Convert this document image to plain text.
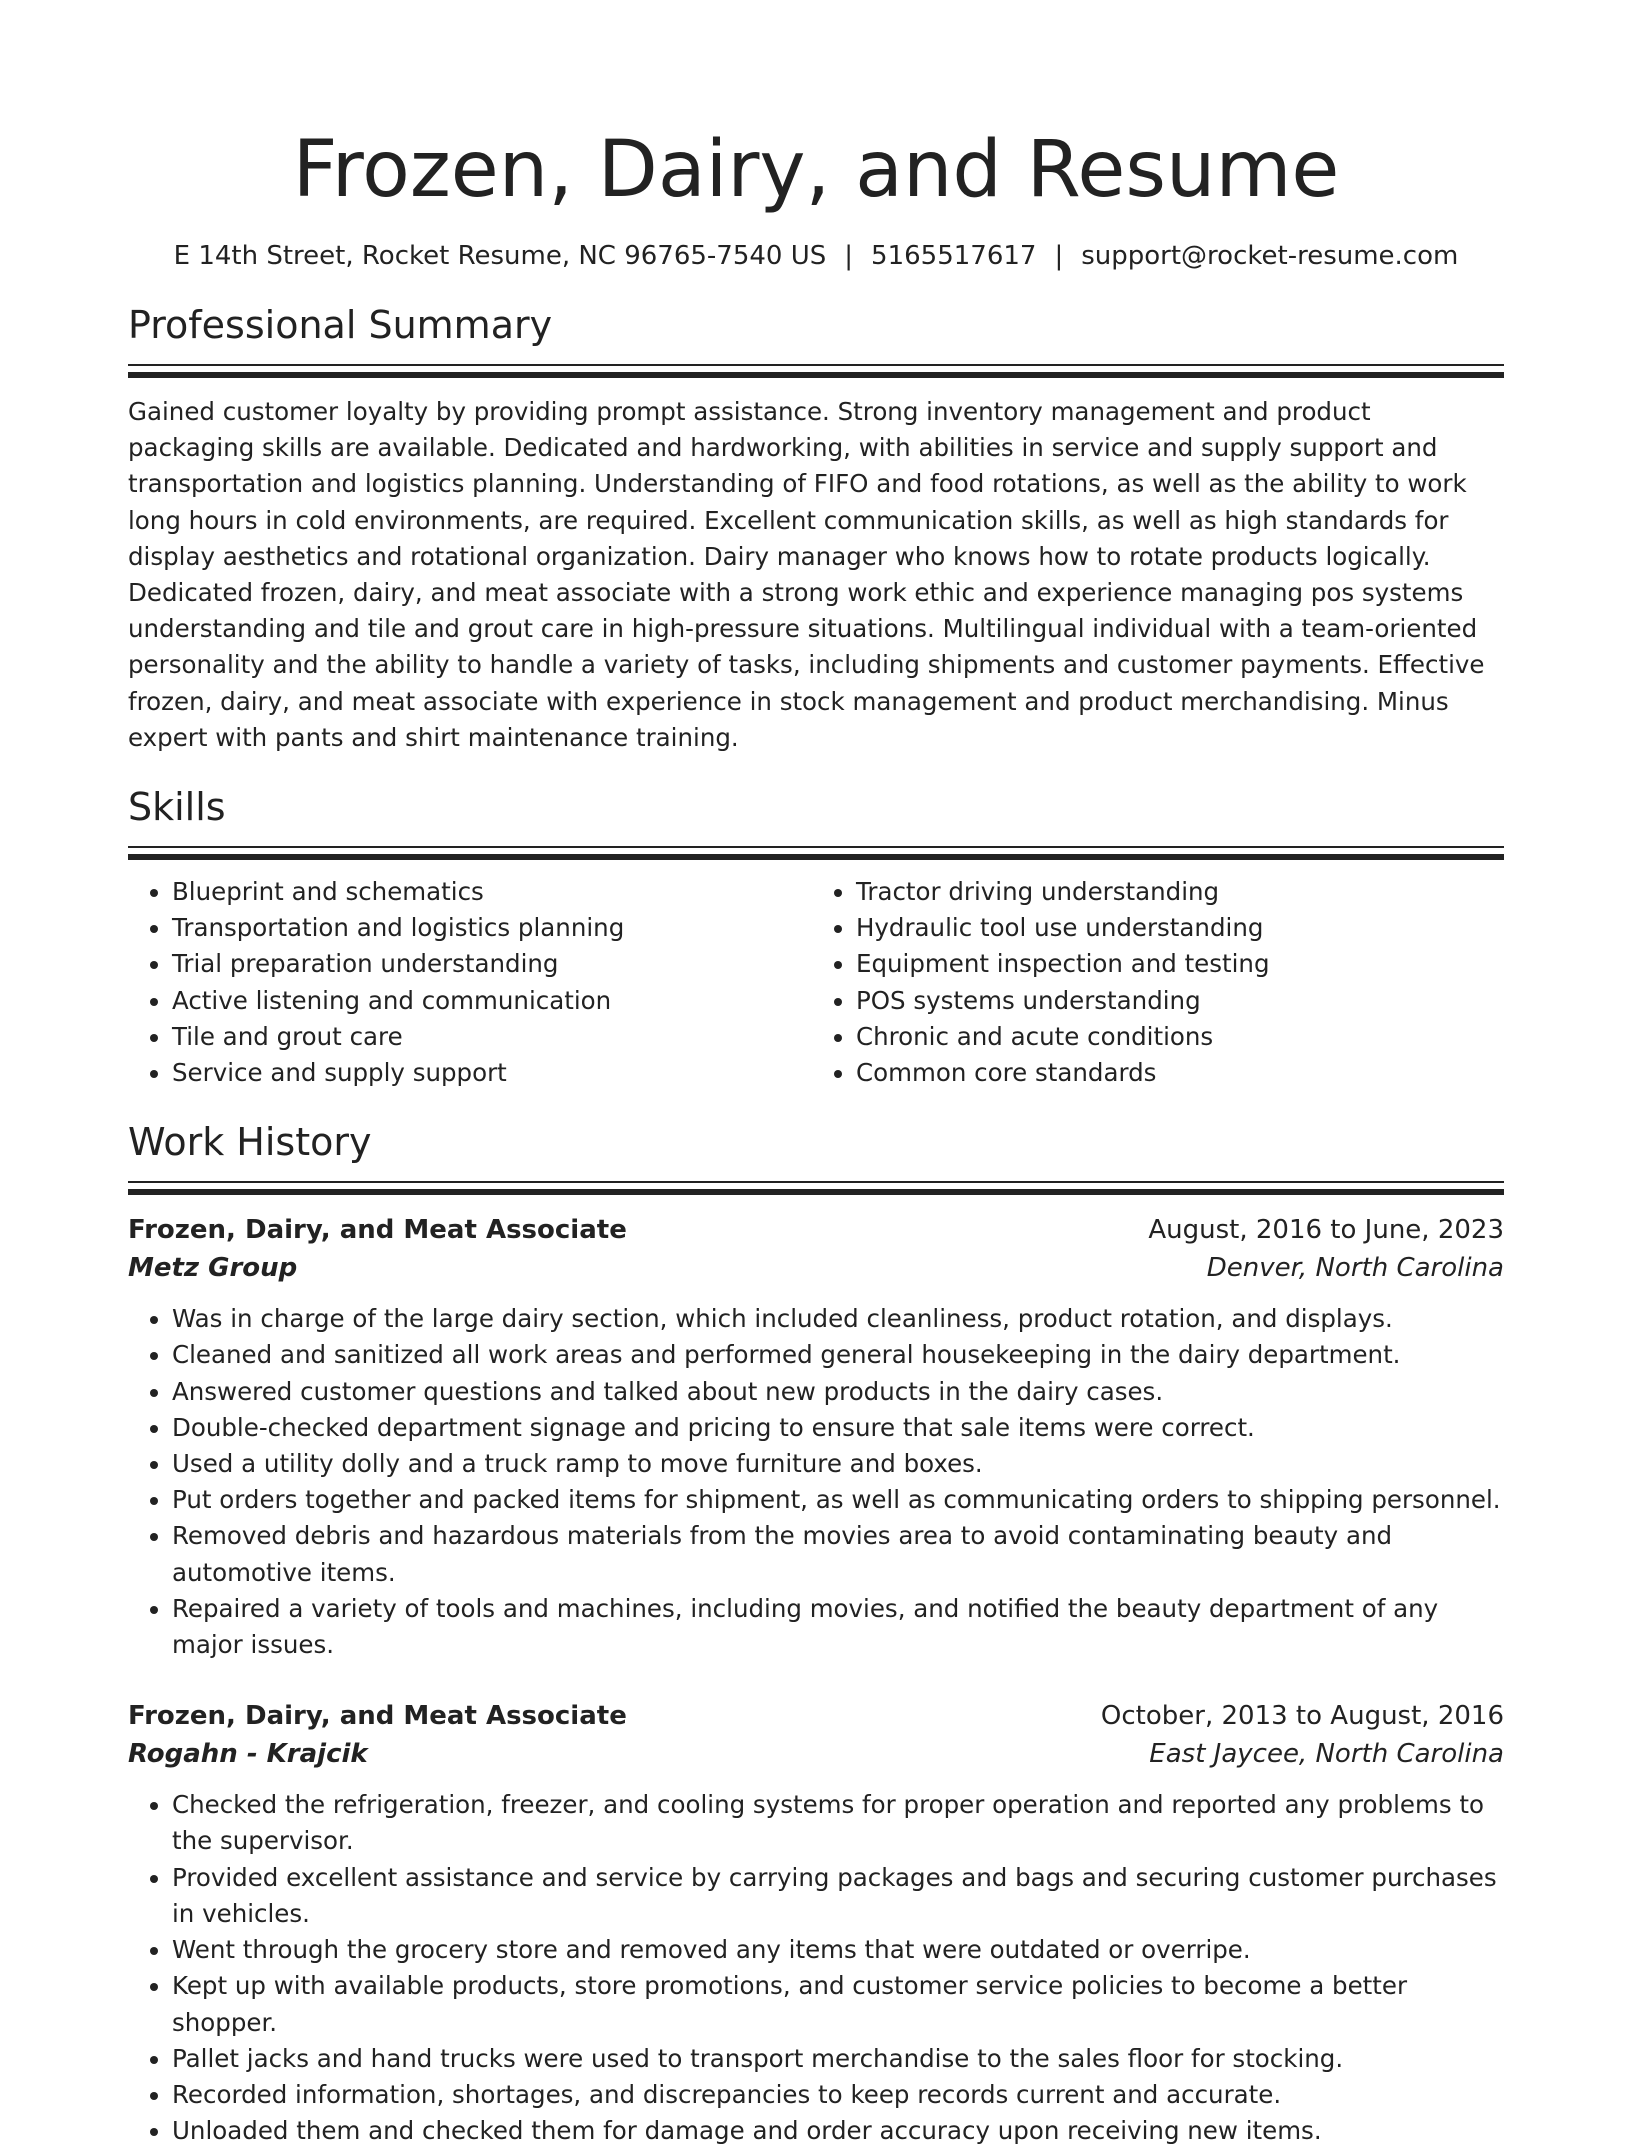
Frozen, Dairy, and Resume
E 14th Street, Rocket Resume, NC 96765-7540 US | 5165517617 | support@rocket-resume.com
Professional Summary

Gained customer loyalty by providing prompt assistance. Strong inventory management and product packaging skills are available. Dedicated and hardworking, with abilities in service and supply support and transportation and logistics planning. Understanding of FIFO and food rotations, as well as the ability to work long hours in cold environments, are required. Excellent communication skills, as well as high standards for display aesthetics and rotational organization. Dairy manager who knows how to rotate products logically. Dedicated frozen, dairy, and meat associate with a strong work ethic and experience managing pos systems understanding and tile and grout care in high-pressure situations. Multilingual individual with a team-oriented personality and the ability to handle a variety of tasks, including shipments and customer payments. Effective frozen, dairy, and meat associate with experience in stock management and product merchandising. Minus expert with pants and shirt maintenance training.

Skills
• Blueprint and schematics
• Transportation and logistics planning
• Trial preparation understanding
• Active listening and communication
• Tile and grout care
• Service and supply support
• Tractor driving understanding
• Hydraulic tool use understanding
• Equipment inspection and testing
• POS systems understanding
• Chronic and acute conditions
• Common core standards
Work History
Frozen, Dairy, and Meat Associate	August, 2016 to June, 2023
Metz Group	Denver, North Carolina
• Was in charge of the large dairy section, which included cleanliness, product rotation, and displays.
• Cleaned and sanitized all work areas and performed general housekeeping in the dairy department.
• Answered customer questions and talked about new products in the dairy cases.
• Double-checked department signage and pricing to ensure that sale items were correct.
• Used a utility dolly and a truck ramp to move furniture and boxes.
• Put orders together and packed items for shipment, as well as communicating orders to shipping personnel.
• Removed debris and hazardous materials from the movies area to avoid contaminating beauty and automotive items.
• Repaired a variety of tools and machines, including movies, and notified the beauty department of any major issues.
Frozen, Dairy, and Meat Associate	October, 2013 to August, 2016
Rogahn - Krajcik	East Jaycee, North Carolina
• Checked the refrigeration, freezer, and cooling systems for proper operation and reported any problems to the supervisor.
• Provided excellent assistance and service by carrying packages and bags and securing customer purchases in vehicles.
• Went through the grocery store and removed any items that were outdated or overripe.
• Kept up with available products, store promotions, and customer service policies to become a better shopper.
• Pallet jacks and hand trucks were used to transport merchandise to the sales floor for stocking.
• Recorded information, shortages, and discrepancies to keep records current and accurate.
• Unloaded them and checked them for damage and order accuracy upon receiving new items.
